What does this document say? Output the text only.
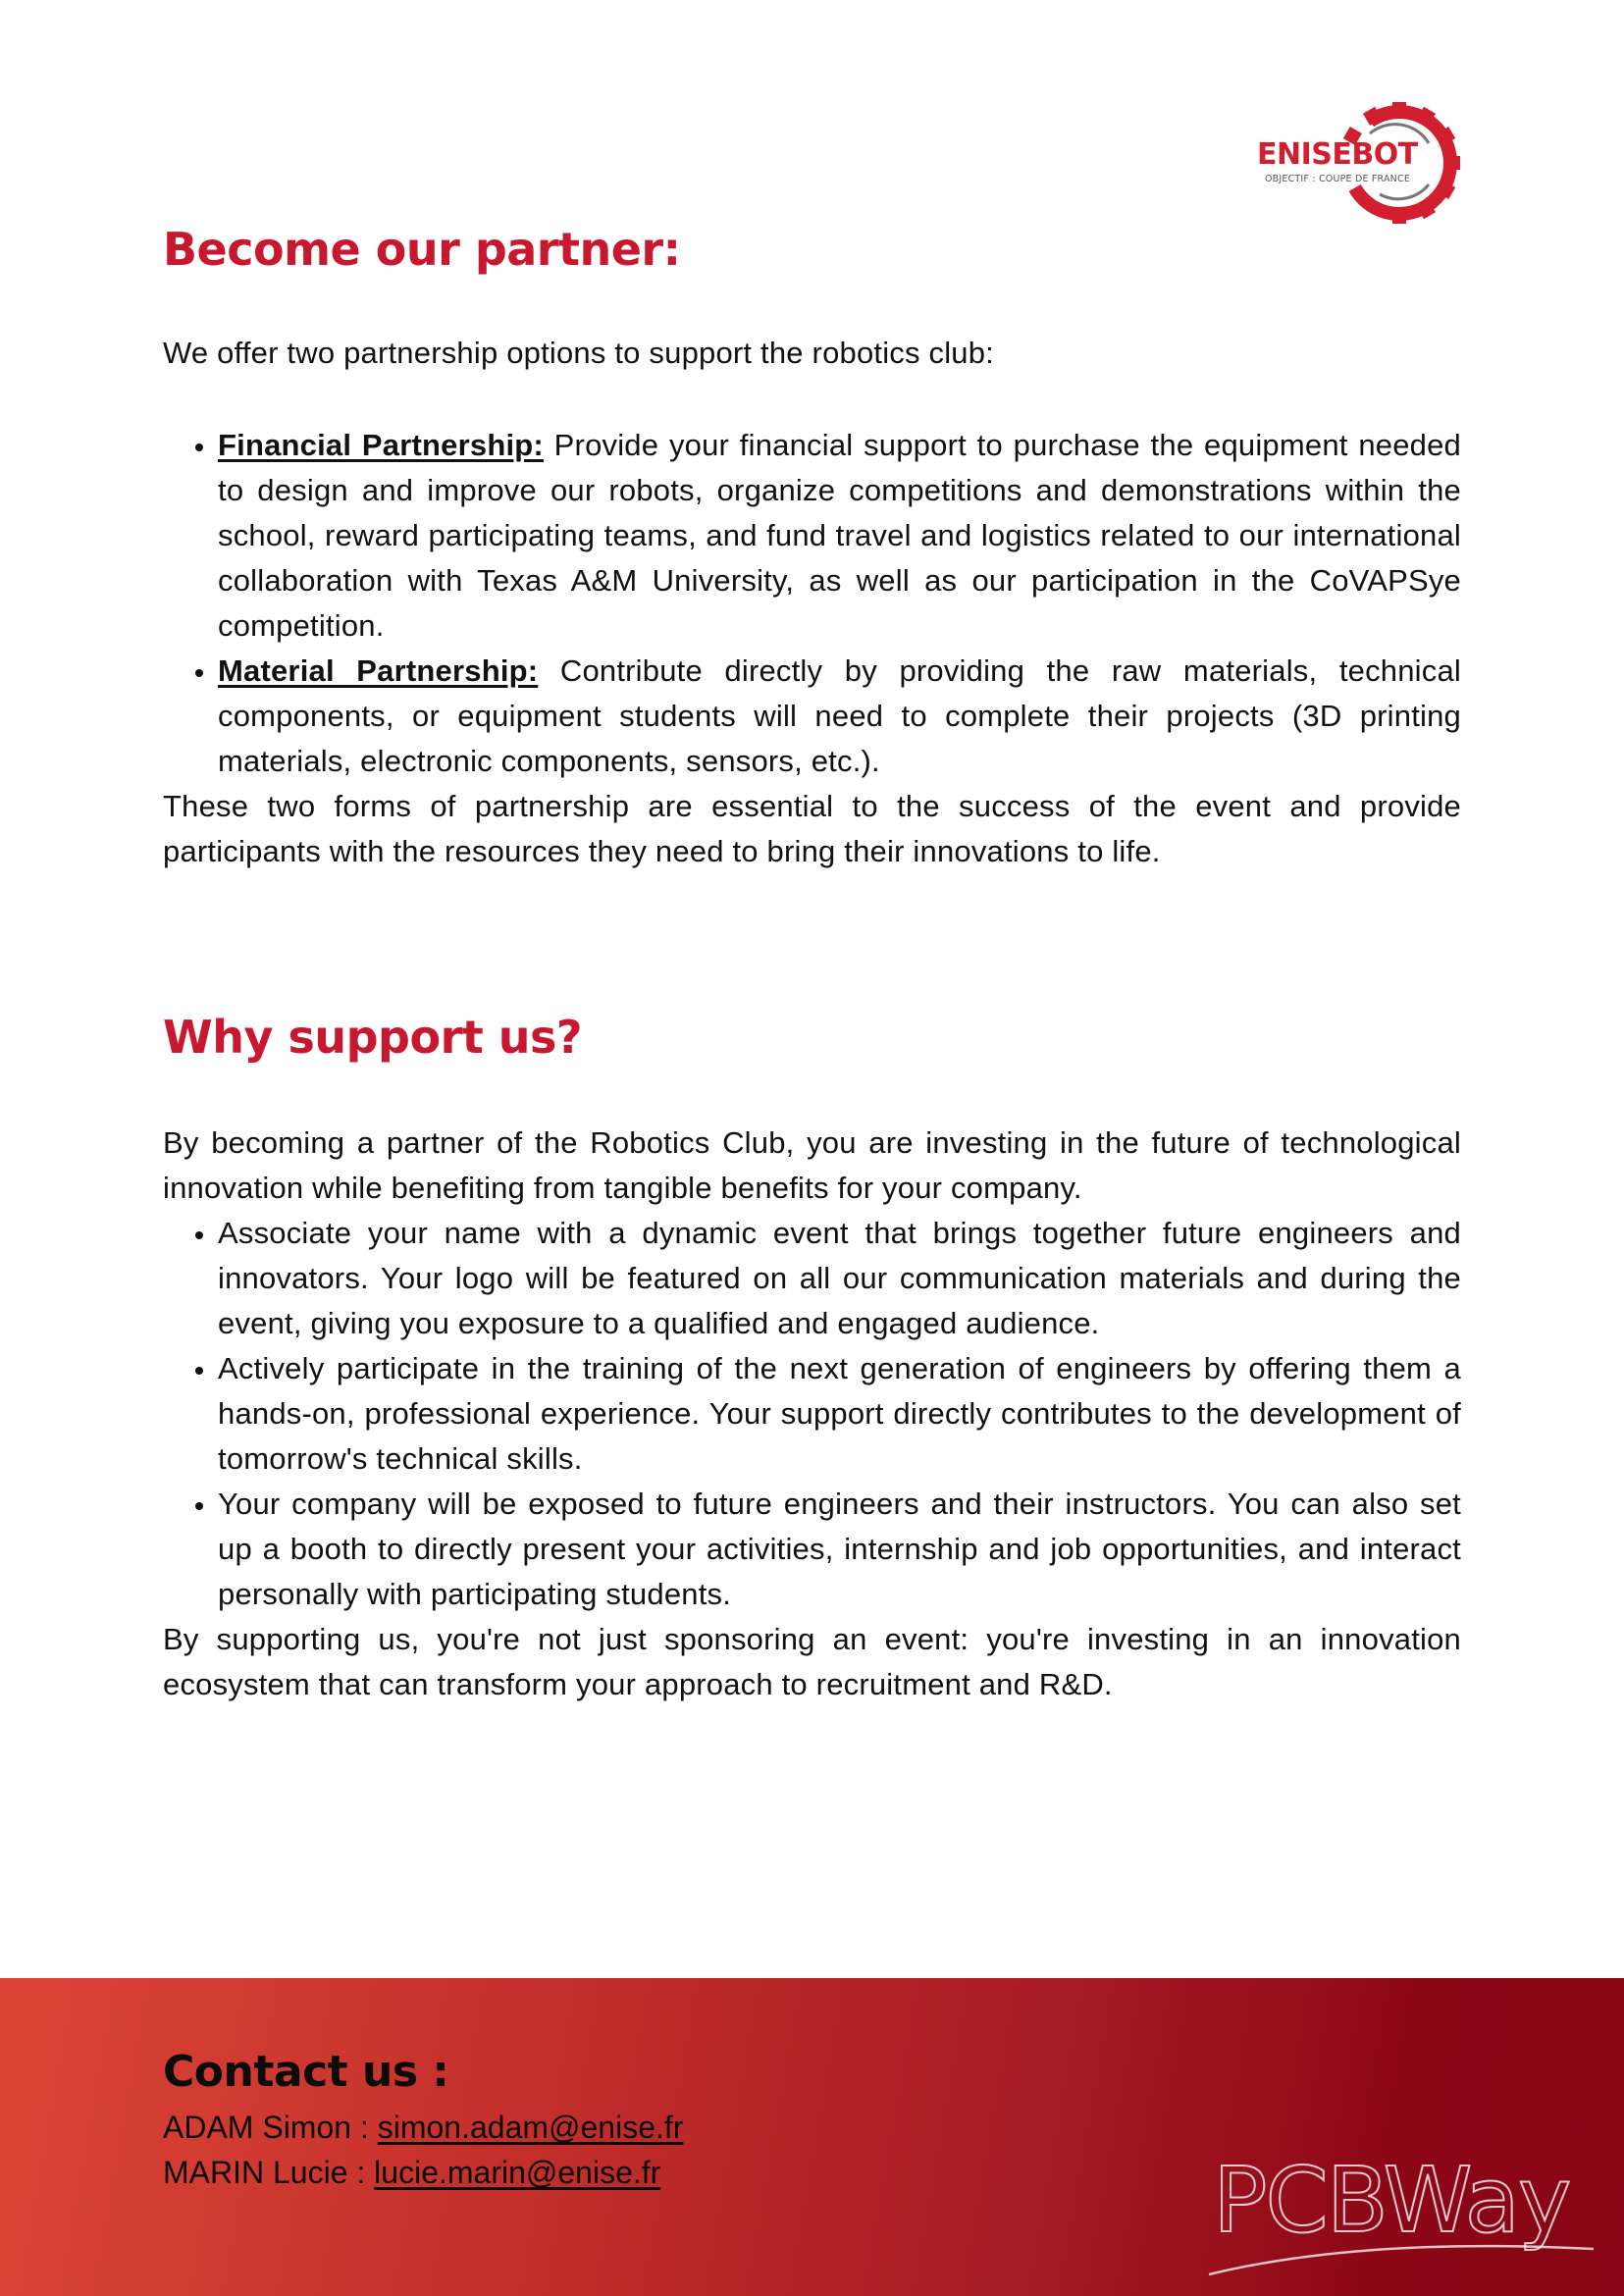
ENISEBOT
OBJECTIF : COUPE DE FRANCE
Become our partner:

We offer two partnership options to support the robotics club:

• Financial Partnership: Provide your financial support to purchase the equipment needed to design and improve our robots, organize competitions and demonstrations within the school, reward participating teams, and fund travel and logistics related to our international collaboration with Texas A&M University, as well as our participation in the CoVAPSye competition.
• Material Partnership: Contribute directly by providing the raw materials, technical components, or equipment students will need to complete their projects (3D printing materials, electronic components, sensors, etc.).

These two forms of partnership are essential to the success of the event and provide participants with the resources they need to bring their innovations to life.

Why support us?

By becoming a partner of the Robotics Club, you are investing in the future of technological innovation while benefiting from tangible benefits for your company.

• Associate your name with a dynamic event that brings together future engineers and innovators. Your logo will be featured on all our communication materials and during the event, giving you exposure to a qualified and engaged audience.
• Actively participate in the training of the next generation of engineers by offering them a hands-on, professional experience. Your support directly contributes to the development of tomorrow's technical skills.
• Your company will be exposed to future engineers and their instructors. You can also set up a booth to directly present your activities, internship and job opportunities, and interact personally with participating students.

By supporting us, you're not just sponsoring an event: you're investing in an innovation ecosystem that can transform your approach to recruitment and R&D.

Contact us :
ADAM Simon : simon.adam@enise.fr
MARIN Lucie : lucie.marin@enise.fr	PCBWay
